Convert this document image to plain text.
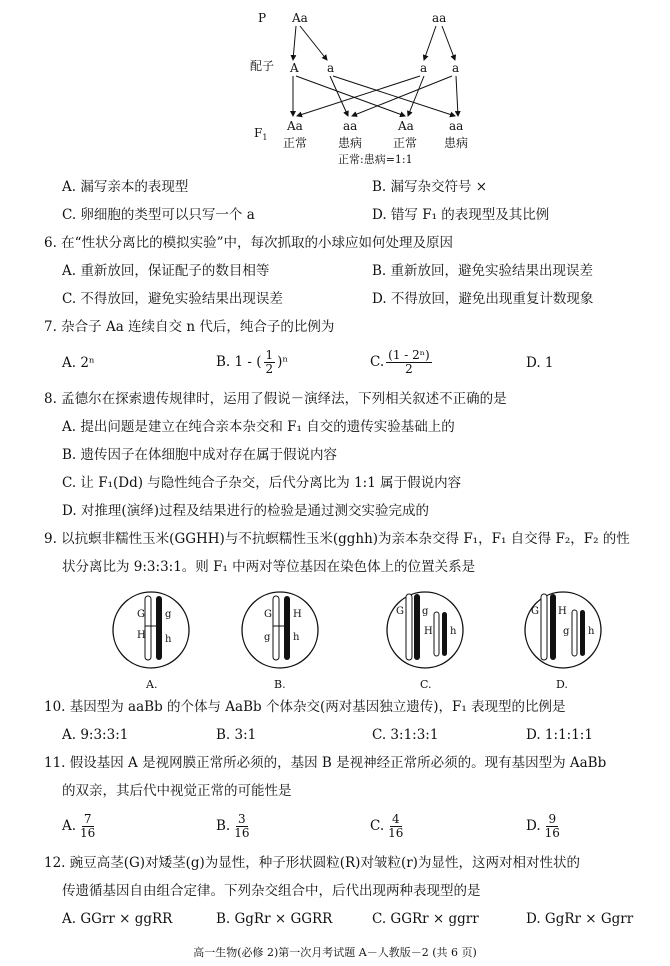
P Aa	aa
配子 A a	a a
$F_1$
Aa	aa	Aa	aa
正常	患病	正常 患病
正常:患病=1:1
A. 漏写亲本的表现型	B. 漏写杂交符号 ×
C. 卵细胞的类型可以只写一个 a	D. 错写 F₁ 的表现型及其比例
6. 在“性状分离比的模拟实验”中，每次抓取的小球应如何处理及原因
A. 重新放回，保证配子的数目相等	B. 重新放回，避免实验结果出现误差
C. 不得放回，避免实验结果出现误差	D. 不得放回，避免出现重复计数现象
7. 杂合子 Aa 连续自交 n 代后，纯合子的比例为
A. 2ⁿ	B. 1 - ( $\frac{1}{2} )^n$	C. $\frac{\text{(1 - 2ⁿ)}}{2}$	D. 1
8. 孟德尔在探索遗传规律时，运用了假说－演绎法，下列相关叙述不正确的是
A. 提出问题是建立在纯合亲本杂交和 F₁ 自交的遗传实验基础上的
B. 遗传因子在体细胞中成对存在属于假说内容
C. 让 F₁(Dd) 与隐性纯合子杂交，后代分离比为 1:1 属于假说内容
D. 对推理(演绎)过程及结果进行的检验是通过测交实验完成的
9. 以抗螟非糯性玉米(GGHH)与不抗螟糯性玉米(gghh)为亲本杂交得 F₁，F₁ 自交得 F₂，F₂ 的性
状分离比为 9:3:3:1。则 F₁ 中两对等位基因在染色体上的位置关系是
G g
H h
A.
G H
g h
B.
G g
H h
C.
G H
g h
D.
10. 基因型为 aaBb 的个体与 AaBb 个体杂交(两对基因独立遗传)，F₁ 表现型的比例是
A. 9:3:3:1	B. 3:1	C. 3:1:3:1	D. 1:1:1:1
11. 假设基因 A 是视网膜正常所必须的，基因 B 是视神经正常所必须的。现有基因型为 AaBb
的双亲，其后代中视觉正常的可能性是
A. $\frac{7}{16}$	B. $\frac{3}{16}$	C. $\frac{4}{16}$	D. $\frac{9}{16}$
12. 豌豆高茎(G)对矮茎(g)为显性，种子形状圆粒(R)对皱粒(r)为显性，这两对相对性状的
传遗循基因自由组合定律。下列杂交组合中，后代出现两种表现型的是
A. GGrr × ggRR	B. GgRr × GGRR	C. GGRr × ggrr	D. GgRr × Ggrr
高一生物(必修 2)第一次月考试题 A－人教版－2 (共 6 页)
